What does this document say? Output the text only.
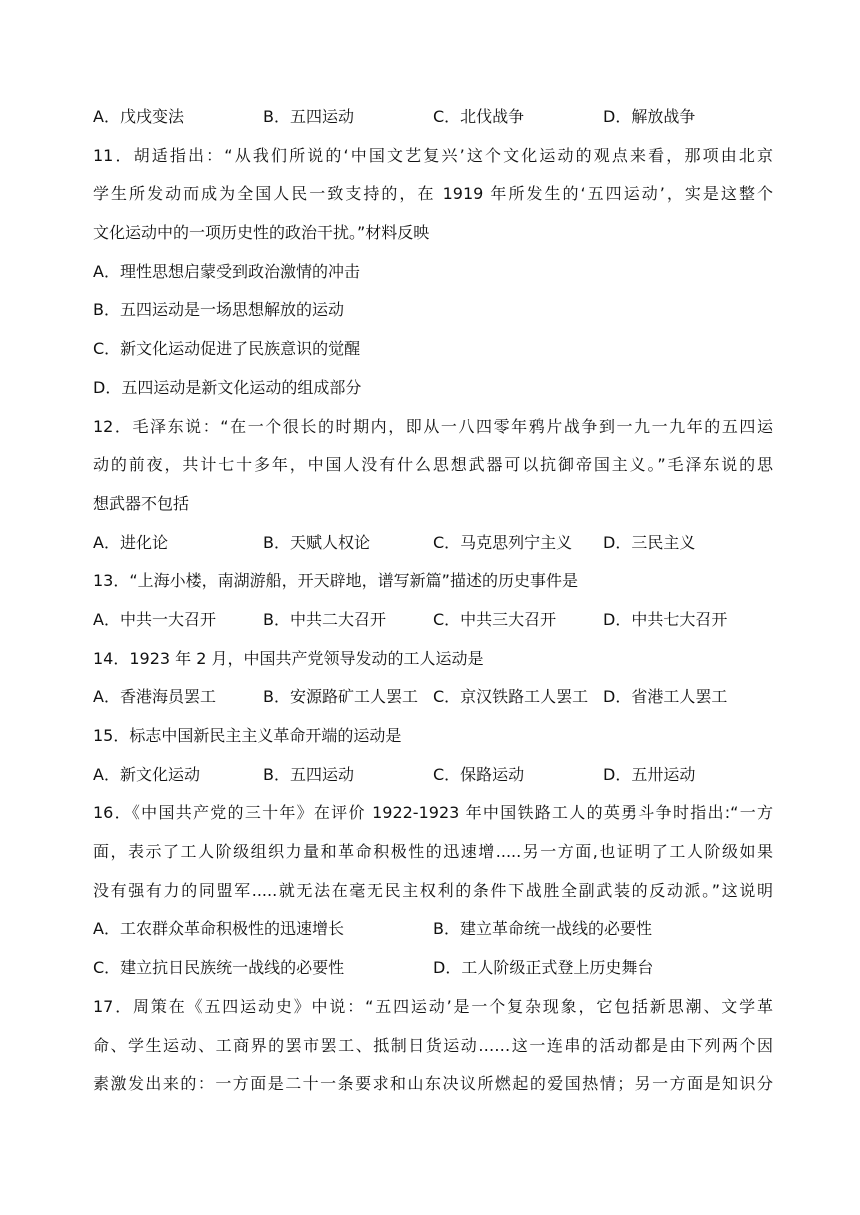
A．戊戌变法	B．五四运动	C．北伐战争	D．解放战争
11．胡适指出：“从我们所说的‘中国文艺复兴’这个文化运动的观点来看，那项由北京
学生所发动而成为全国人民一致支持的，在 1919 年所发生的‘五四运动’，实是这整个
文化运动中的一项历史性的政治干扰。”材料反映
A．理性思想启蒙受到政治激情的冲击
B．五四运动是一场思想解放的运动
C．新文化运动促进了民族意识的觉醒
D．五四运动是新文化运动的组成部分
12．毛泽东说：“在一个很长的时期内，即从一八四零年鸦片战争到一九一九年的五四运
动的前夜，共计七十多年，中国人没有什么思想武器可以抗御帝国主义。”毛泽东说的思
想武器不包括
A．进化论	B．天赋人权论	C．马克思列宁主义	D．三民主义
13．“上海小楼，南湖游船，开天辟地，谱写新篇”描述的历史事件是
A．中共一大召开	B．中共二大召开	C．中共三大召开	D．中共七大召开
14．1923 年 2 月，中国共产党领导发动的工人运动是
A．香港海员罢工	B．安源路矿工人罢工 C．京汉铁路工人罢工 D．省港工人罢工
15．标志中国新民主主义革命开端的运动是
A．新文化运动	B．五四运动	C．保路运动	D．五卅运动
16．《中国共产党的三十年》在评价 1922-1923 年中国铁路工人的英勇斗争时指出:“一方
面，表示了工人阶级组织力量和革命积极性的迅速增.....另一方面,也证明了工人阶级如果
没有强有力的同盟军.....就无法在毫无民主权利的条件下战胜全副武装的反动派。”这说明
A．工农群众革命积极性的迅速增长	B．建立革命统一战线的必要性
C．建立抗日民族统一战线的必要性	D．工人阶级正式登上历史舞台
17．周策在《五四运动史》中说：“五四运动’是一个复杂现象，它包括新思潮、文学革
命、学生运动、工商界的罢市罢工、抵制日货运动……这一连串的活动都是由下列两个因
素激发出来的：一方面是二十一条要求和山东决议所燃起的爱国热情；另一方面是知识分
